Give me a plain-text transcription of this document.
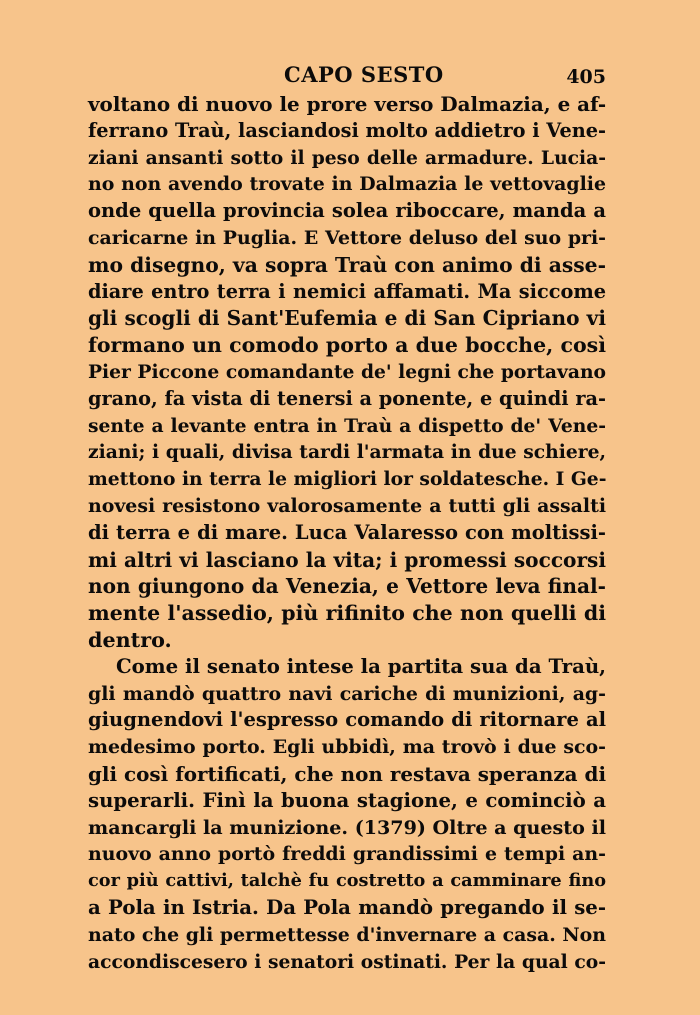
CAPO SESTO	405
voltano di nuovo le prore verso Dalmazia, e af-
ferrano Traù, lasciandosi molto addietro i Vene-
ziani ansanti sotto il peso delle armadure. Lucia-
no non avendo trovate in Dalmazia le vettovaglie
onde quella provincia solea riboccare, manda a
caricarne in Puglia. E Vettore deluso del suo pri-
mo disegno, va sopra Traù con animo di asse-
diare entro terra i nemici affamati. Ma siccome
gli scogli di Sant'Eufemia e di San Cipriano vi
formano un comodo porto a due bocche, così
Pier Piccone comandante de' legni che portavano
grano, fa vista di tenersi a ponente, e quindi ra-
sente a levante entra in Traù a dispetto de' Vene-
ziani; i quali, divisa tardi l'armata in due schiere,
mettono in terra le migliori lor soldatesche. I Ge-
novesi resistono valorosamente a tutti gli assalti
di terra e di mare. Luca Valaresso con moltissi-
mi altri vi lasciano la vita; i promessi soccorsi
non giungono da Venezia, e Vettore leva final-
mente l'assedio, più rifinito che non quelli di
dentro.
Come il senato intese la partita sua da Traù,
gli mandò quattro navi cariche di munizioni, ag-
giugnendovi l'espresso comando di ritornare al
medesimo porto. Egli ubbidì, ma trovò i due sco-
gli così fortificati, che non restava speranza di
superarli. Finì la buona stagione, e cominciò a
mancargli la munizione. (1379) Oltre a questo il
nuovo anno portò freddi grandissimi e tempi an-
cor più cattivi, talchè fu costretto a camminare fino
a Pola in Istria. Da Pola mandò pregando il se-
nato che gli permettesse d'invernare a casa. Non
accondiscesero i senatori ostinati. Per la qual co-
